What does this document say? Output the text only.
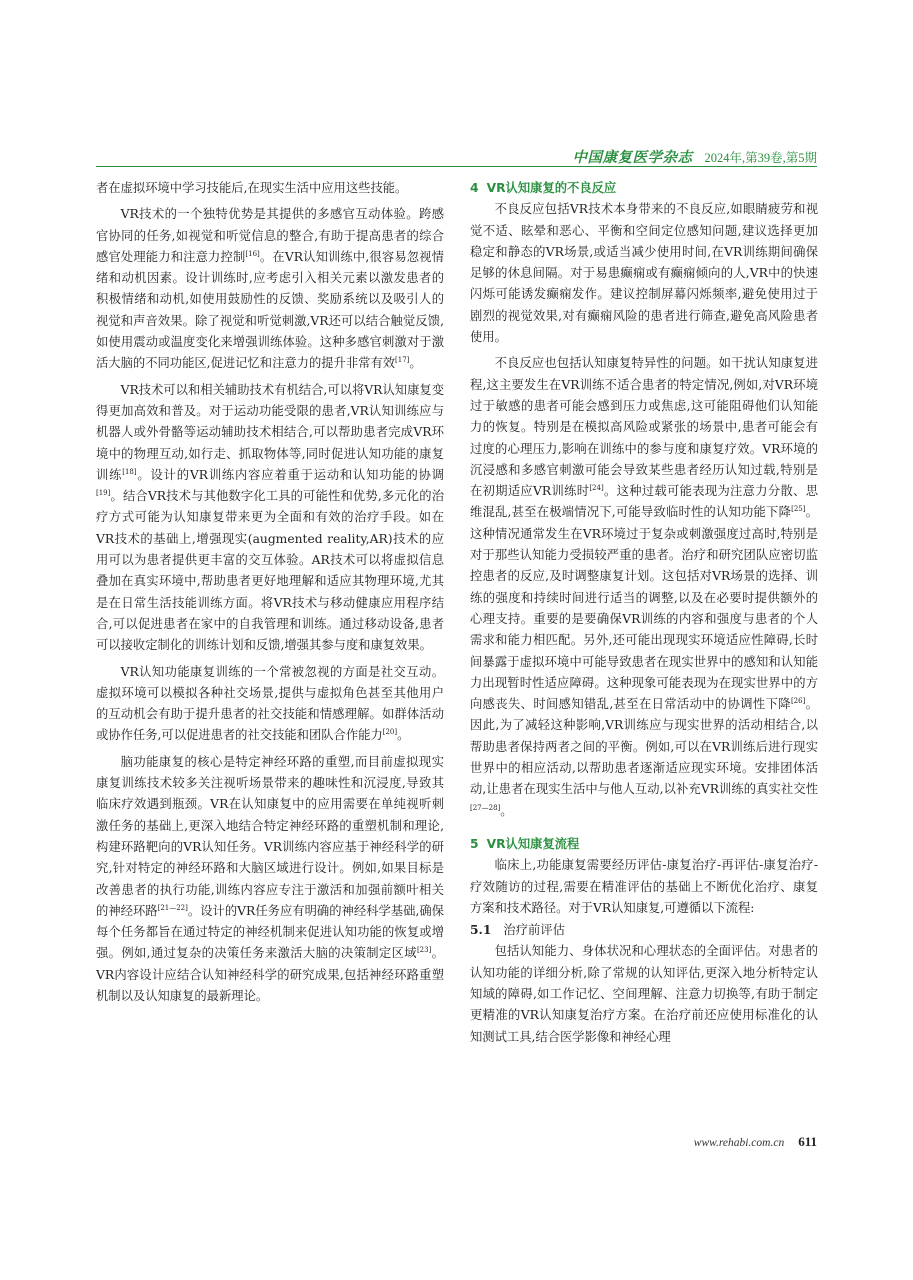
中国康复医学杂志 2024年,第39卷,第5期

者在虚拟环境中学习技能后,在现实生活中应用这些技能。

VR技术的一个独特优势是其提供的多感官互动体验。跨感官协同的任务,如视觉和听觉信息的整合,有助于提高患者的综合感官处理能力和注意力控制[16]。在VR认知训练中,很容易忽视情绪和动机因素。设计训练时,应考虑引入相关元素以激发患者的积极情绪和动机,如使用鼓励性的反馈、奖励系统以及吸引人的视觉和声音效果。除了视觉和听觉刺激,VR还可以结合触觉反馈,如使用震动或温度变化来增强训练体验。这种多感官刺激对于激活大脑的不同功能区,促进记忆和注意力的提升非常有效[17]。

VR技术可以和相关辅助技术有机结合,可以将VR认知康复变得更加高效和普及。对于运动功能受限的患者,VR认知训练应与机器人或外骨骼等运动辅助技术相结合,可以帮助患者完成VR环境中的物理互动,如行走、抓取物体等,同时促进认知功能的康复训练[18]。设计的VR训练内容应着重于运动和认知功能的协调[19]。结合VR技术与其他数字化工具的可能性和优势,多元化的治疗方式可能为认知康复带来更为全面和有效的治疗手段。如在VR技术的基础上,增强现实(augmented reality,AR)技术的应用可以为患者提供更丰富的交互体验。AR技术可以将虚拟信息叠加在真实环境中,帮助患者更好地理解和适应其物理环境,尤其是在日常生活技能训练方面。将VR技术与移动健康应用程序结合,可以促进患者在家中的自我管理和训练。通过移动设备,患者可以接收定制化的训练计划和反馈,增强其参与度和康复效果。

VR认知功能康复训练的一个常被忽视的方面是社交互动。虚拟环境可以模拟各种社交场景,提供与虚拟角色甚至其他用户的互动机会有助于提升患者的社交技能和情感理解。如群体活动或协作任务,可以促进患者的社交技能和团队合作能力[20]。

脑功能康复的核心是特定神经环路的重塑,而目前虚拟现实康复训练技术较多关注视听场景带来的趣味性和沉浸度,导致其临床疗效遇到瓶颈。VR在认知康复中的应用需要在单纯视听刺激任务的基础上,更深入地结合特定神经环路的重塑机制和理论,构建环路靶向的VR认知任务。VR训练内容应基于神经科学的研究,针对特定的神经环路和大脑区域进行设计。例如,如果目标是改善患者的执行功能,训练内容应专注于激活和加强前额叶相关的神经环路[21—22]。设计的VR任务应有明确的神经科学基础,确保每个任务都旨在通过特定的神经机制来促进认知功能的恢复或增强。例如,通过复杂的决策任务来激活大脑的决策制定区域[23]。VR内容设计应结合认知神经科学的研究成果,包括神经环路重塑机制以及认知康复的最新理论。

4 VR认知康复的不良反应

不良反应包括VR技术本身带来的不良反应,如眼睛疲劳和视觉不适、眩晕和恶心、平衡和空间定位感知问题,建议选择更加稳定和静态的VR场景,或适当减少使用时间,在VR训练期间确保足够的休息间隔。对于易患癫痫或有癫痫倾向的人,VR中的快速闪烁可能诱发癫痫发作。建议控制屏幕闪烁频率,避免使用过于剧烈的视觉效果,对有癫痫风险的患者进行筛查,避免高风险患者使用。

不良反应也包括认知康复特异性的问题。如干扰认知康复进程,这主要发生在VR训练不适合患者的特定情况,例如,对VR环境过于敏感的患者可能会感到压力或焦虑,这可能阻碍他们认知能力的恢复。特别是在模拟高风险或紧张的场景中,患者可能会有过度的心理压力,影响在训练中的参与度和康复疗效。VR环境的沉浸感和多感官刺激可能会导致某些患者经历认知过载,特别是在初期适应VR训练时[24]。这种过载可能表现为注意力分散、思维混乱,甚至在极端情况下,可能导致临时性的认知功能下降[25]。这种情况通常发生在VR环境过于复杂或刺激强度过高时,特别是对于那些认知能力受损较严重的患者。治疗和研究团队应密切监控患者的反应,及时调整康复计划。这包括对VR场景的选择、训练的强度和持续时间进行适当的调整,以及在必要时提供额外的心理支持。重要的是要确保VR训练的内容和强度与患者的个人需求和能力相匹配。另外,还可能出现现实环境适应性障碍,长时间暴露于虚拟环境中可能导致患者在现实世界中的感知和认知能力出现暂时性适应障碍。这种现象可能表现为在现实世界中的方向感丧失、时间感知错乱,甚至在日常活动中的协调性下降[26]。因此,为了减轻这种影响,VR训练应与现实世界的活动相结合,以帮助患者保持两者之间的平衡。例如,可以在VR训练后进行现实世界中的相应活动,以帮助患者逐渐适应现实环境。安排团体活动,让患者在现实生活中与他人互动,以补充VR训练的真实社交性[27—28]。

5 VR认知康复流程

临床上,功能康复需要经历评估-康复治疗-再评估-康复治疗-疗效随访的过程,需要在精准评估的基础上不断优化治疗、康复方案和技术路径。对于VR认知康复,可遵循以下流程:

5.1 治疗前评估

包括认知能力、身体状况和心理状态的全面评估。对患者的认知功能的详细分析,除了常规的认知评估,更深入地分析特定认知域的障碍,如工作记忆、空间理解、注意力切换等,有助于制定更精准的VR认知康复治疗方案。在治疗前还应使用标准化的认知测试工具,结合医学影像和神经心理

www.rehabi.com.cn 611
